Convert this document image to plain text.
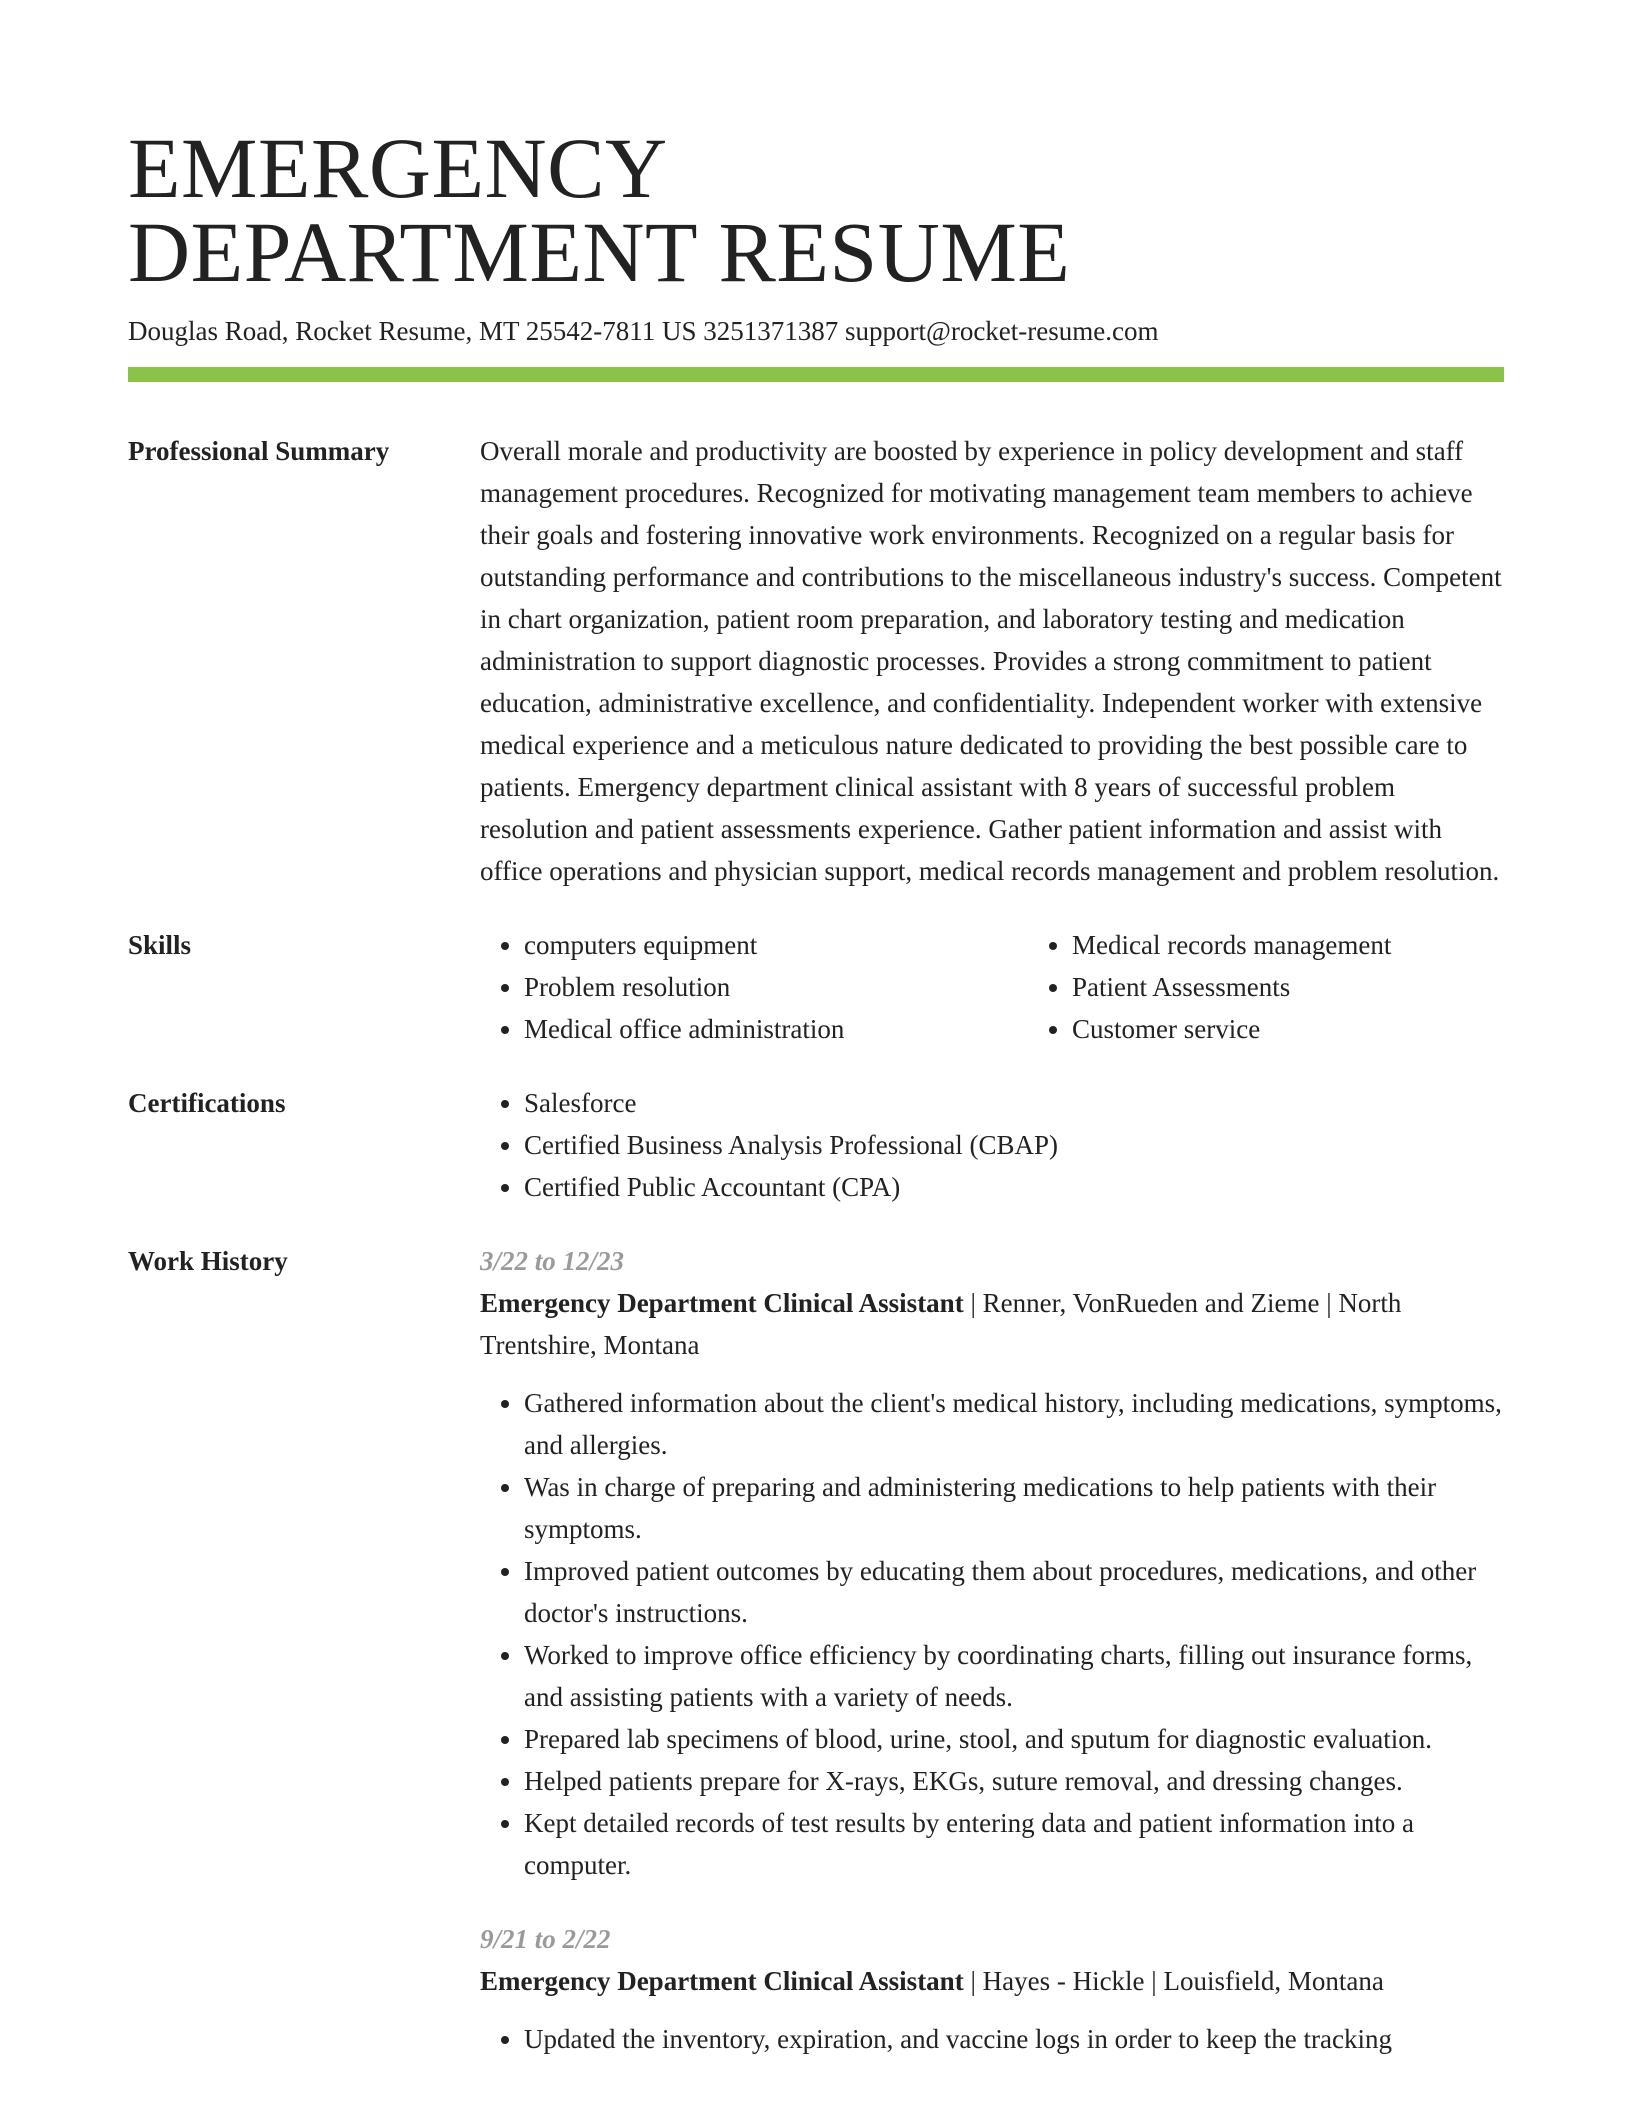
EMERGENCY
DEPARTMENT RESUME
Douglas Road, Rocket Resume, MT 25542-7811 US 3251371387 support@rocket-resume.com
Professional Summary	Overall morale and productivity are boosted by experience in policy development and staff management procedures. Recognized for motivating management team members to achieve their goals and fostering innovative work environments. Recognized on a regular basis for outstanding performance and contributions to the miscellaneous industry's success. Competent in chart organization, patient room preparation, and laboratory testing and medication administration to support diagnostic processes. Provides a strong commitment to patient education, administrative excellence, and confidentiality. Independent worker with extensive medical experience and a meticulous nature dedicated to providing the best possible care to patients. Emergency department clinical assistant with 8 years of successful problem resolution and patient assessments experience. Gather patient information and assist with office operations and physician support, medical records management and problem resolution.
Skills	• computers equipment
• Problem resolution
• Medical office administration
• Medical records management
• Patient Assessments
• Customer service
Certifications	• Salesforce
• Certified Business Analysis Professional (CBAP)
• Certified Public Accountant (CPA)
Work History	3/22 to 12/23
Emergency Department Clinical Assistant | Renner, VonRueden and Zieme | North Trentshire, Montana
• Gathered information about the client's medical history, including medications, symptoms, and allergies.
• Was in charge of preparing and administering medications to help patients with their symptoms.
• Improved patient outcomes by educating them about procedures, medications, and other doctor's instructions.
• Worked to improve office efficiency by coordinating charts, filling out insurance forms, and assisting patients with a variety of needs.
• Prepared lab specimens of blood, urine, stool, and sputum for diagnostic evaluation.
• Helped patients prepare for X-rays, EKGs, suture removal, and dressing changes.
• Kept detailed records of test results by entering data and patient information into a computer.
9/21 to 2/22
Emergency Department Clinical Assistant | Hayes - Hickle | Louisfield, Montana
• Updated the inventory, expiration, and vaccine logs in order to keep the tracking
